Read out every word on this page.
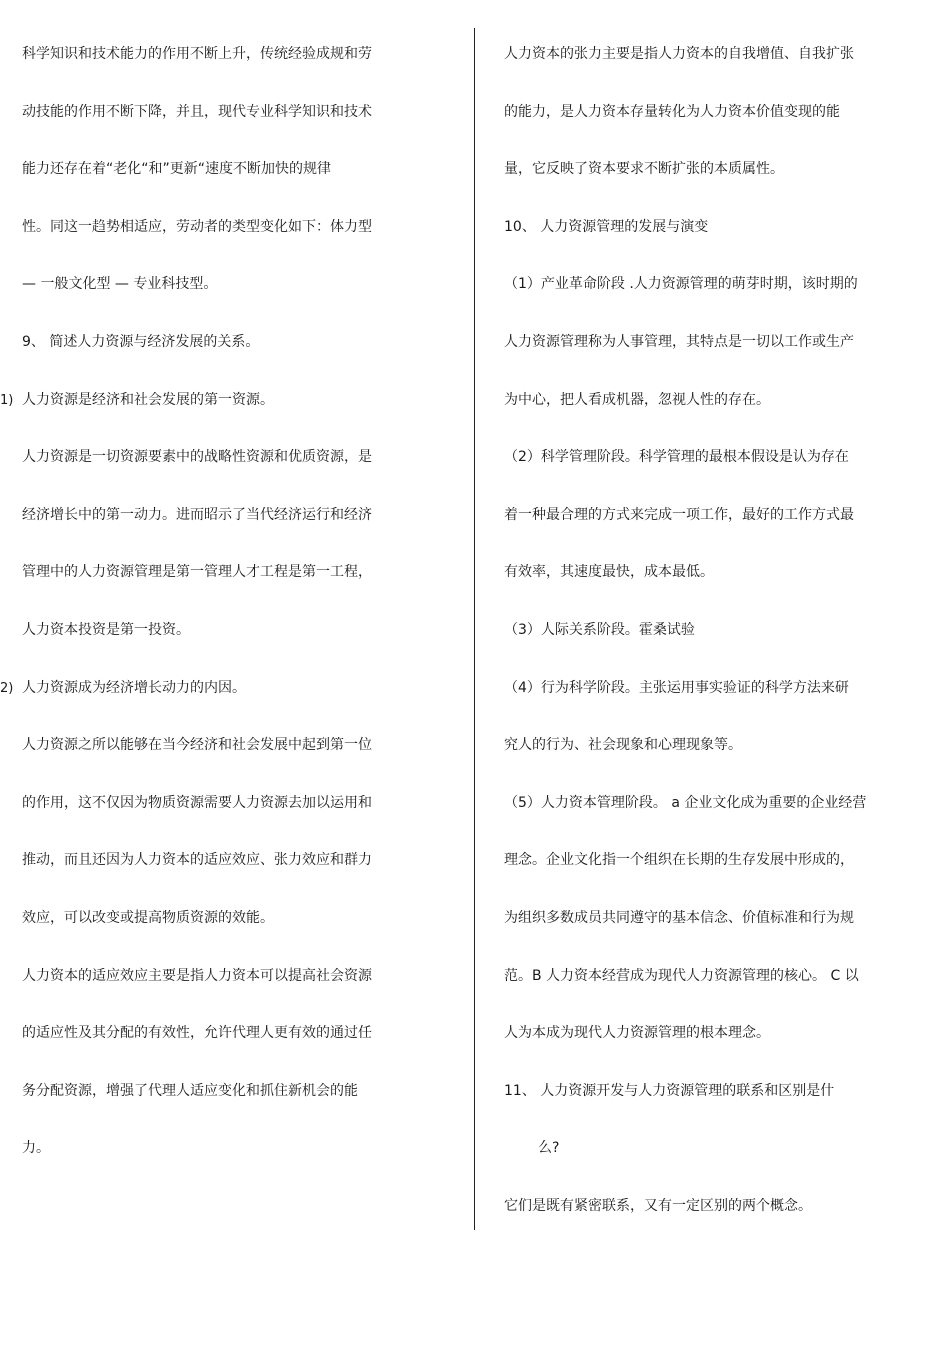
科学知识和技术能力的作用不断上升，传统经验成规和劳
动技能的作用不断下降，并且，现代专业科学知识和技术
能力还存在着“老化“和”更新“速度不断加快的规律
性。同这一趋势相适应，劳动者的类型变化如下：体力型
— 一般文化型 — 专业科技型。
9、 简述人力资源与经济发展的关系。
1) 人力资源是经济和社会发展的第一资源。
人力资源是一切资源要素中的战略性资源和优质资源，是
经济增长中的第一动力。进而昭示了当代经济运行和经济
管理中的人力资源管理是第一管理人才工程是第一工程，
人力资本投资是第一投资。
2) 人力资源成为经济增长动力的内因。
人力资源之所以能够在当今经济和社会发展中起到第一位
的作用，这不仅因为物质资源需要人力资源去加以运用和
推动，而且还因为人力资本的适应效应、张力效应和群力
效应，可以改变或提高物质资源的效能。
人力资本的适应效应主要是指人力资本可以提高社会资源
的适应性及其分配的有效性，允许代理人更有效的通过任
务分配资源，增强了代理人适应变化和抓住新机会的能
力。
人力资本的张力主要是指人力资本的自我增值、自我扩张
的能力，是人力资本存量转化为人力资本价值变现的能
量，它反映了资本要求不断扩张的本质属性。
10、 人力资源管理的发展与演变
（1）产业革命阶段 .人力资源管理的萌芽时期，该时期的
人力资源管理称为人事管理，其特点是一切以工作或生产
为中心，把人看成机器，忽视人性的存在。
（2）科学管理阶段。科学管理的最根本假设是认为存在
着一种最合理的方式来完成一项工作，最好的工作方式最
有效率，其速度最快，成本最低。
（3）人际关系阶段。霍桑试验
（4）行为科学阶段。主张运用事实验证的科学方法来研
究人的行为、社会现象和心理现象等。
（5）人力资本管理阶段。 a 企业文化成为重要的企业经营
理念。企业文化指一个组织在长期的生存发展中形成的，
为组织多数成员共同遵守的基本信念、价值标准和行为规
范。B 人力资本经营成为现代人力资源管理的核心。 C 以
人为本成为现代人力资源管理的根本理念。
11、 人力资源开发与人力资源管理的联系和区别是什
么?
它们是既有紧密联系，又有一定区别的两个概念。
